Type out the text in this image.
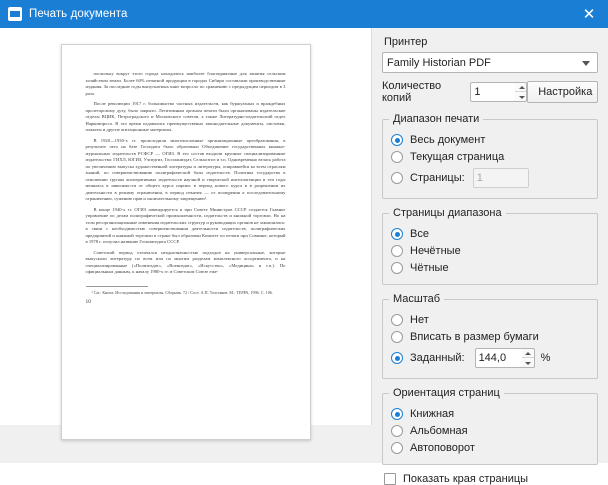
Печать документа	✕

поскольку вокруг этого города находились наиболее благоприятные для занятия сельским хозяйством земли. Более 60% печатной продукции в городах Сибири составляли производственные издания. За последние годы выпускаемых книг возросло по сравнению с предыдущим периодом в 3 раза.

После революции 1917 г. большинство частных издательств, как буржуазных и враждебных пролетарскому духу, было закрыто. Легитимным органом печати были организованы издательские отделы ВЦИК, Петроградского и Московского советов, а также Литературно-издательский отдел Наркомпроса. В это время издавались преимущественно законодательные документы, листовки, плакаты и другие агитационные материалы.

В 1920—1930-х гг. происходили многочисленные организационные преобразования, в результате чего на базе Госиздата было образовано Объединение государственных книжно-журнальных издательств РСФСР — ОГИЗ. В его состав входили крупные специализированные издательства: ГИХЛ, ЮГИЗ, Учпедгиз, Госпланиздат, Сельхозгиз и т.п. Одновременно велась работа по увеличению выпуска художественной литературы и литературы, опиравшейся ко всем отраслям знаний, по совершенствованию полиграфической базы издательств. Политика государства в отношении группы кооперативных издательств научной и творческой интеллигенции и эти годы менялась в зависимости от общего курса партии: в период нового курса и в разрешении их деятельности в режиму ограничения, в период изъятия — от поощрения к последовательному ограничению, сужению прав и окончательному запрещению¹.

В конце 1940-х гг. ОГИЗ ликвидируется и при Совете Министров СССР создается Главное управление по делам полиграфической промышленности, издательств и книжной торговли. Но на этом ресорганизационные изменения издательских структур и руководящих органов не закончились: в связи с необходимостью совершенствования деятельности издательств, полиграфических предприятий и книжной торговли в стране был образован Комитет по печати при Совмине, который в 1978 г. получил название Госкомиздата СССР.

Советский период отличался неоднозначностью подходов на универсальные, которые выпускали литературу по всем или по многим разделам комплексного ассортимента, и на специализированные («Политиздат», «Воениздат», «Искусство», «Медицина» и т.п.). По официальным данным, к началу 1980-х гг. в Советском Союзе еже-

¹ См.: Книга: Исследования и материалы. Сборник. 72 / Сост. А.П. Толстяков. М.: ТЕРРА, 1996. С. 106.

10
Принтер
Family Historian PDF
Количество копий
1	Настройка
Диапазон печати
Весь документ
Текущая страница
Страницы:
1
Страницы диапазона
Все
Нечётные
Чётные
Масштаб
Нет
Вписать в размер бумаги
Заданный:
144,0	%
Ориентация страниц
Книжная
Альбомная
Автоповорот
Показать края страницы
